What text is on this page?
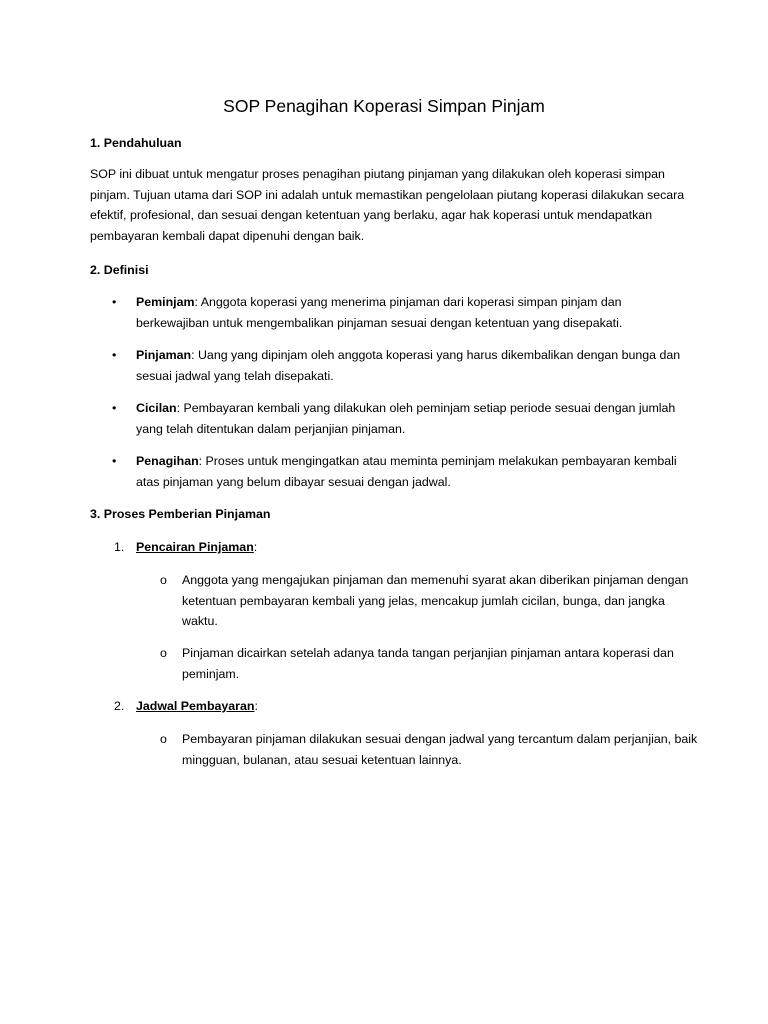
SOP Penagihan Koperasi Simpan Pinjam
1. Pendahuluan

SOP ini dibuat untuk mengatur proses penagihan piutang pinjaman yang dilakukan oleh koperasi simpan pinjam. Tujuan utama dari SOP ini adalah untuk memastikan pengelolaan piutang koperasi dilakukan secara efektif, profesional, dan sesuai dengan ketentuan yang berlaku, agar hak koperasi untuk mendapatkan pembayaran kembali dapat dipenuhi dengan baik.

2. Definisi
• Peminjam: Anggota koperasi yang menerima pinjaman dari koperasi simpan pinjam dan berkewajiban untuk mengembalikan pinjaman sesuai dengan ketentuan yang disepakati.

• Pinjaman: Uang yang dipinjam oleh anggota koperasi yang harus dikembalikan dengan bunga dan sesuai jadwal yang telah disepakati.

• Cicilan: Pembayaran kembali yang dilakukan oleh peminjam setiap periode sesuai dengan jumlah yang telah ditentukan dalam perjanjian pinjaman.

• Penagihan: Proses untuk mengingatkan atau meminta peminjam melakukan pembayaran kembali atas pinjaman yang belum dibayar sesuai dengan jadwal.

3. Proses Pemberian Pinjaman
1. Pencairan Pinjaman:

o Anggota yang mengajukan pinjaman dan memenuhi syarat akan diberikan pinjaman dengan ketentuan pembayaran kembali yang jelas, mencakup jumlah cicilan, bunga, dan jangka waktu.

o Pinjaman dicairkan setelah adanya tanda tangan perjanjian pinjaman antara koperasi dan peminjam.

2. Jadwal Pembayaran:

o Pembayaran pinjaman dilakukan sesuai dengan jadwal yang tercantum dalam perjanjian, baik mingguan, bulanan, atau sesuai ketentuan lainnya.
